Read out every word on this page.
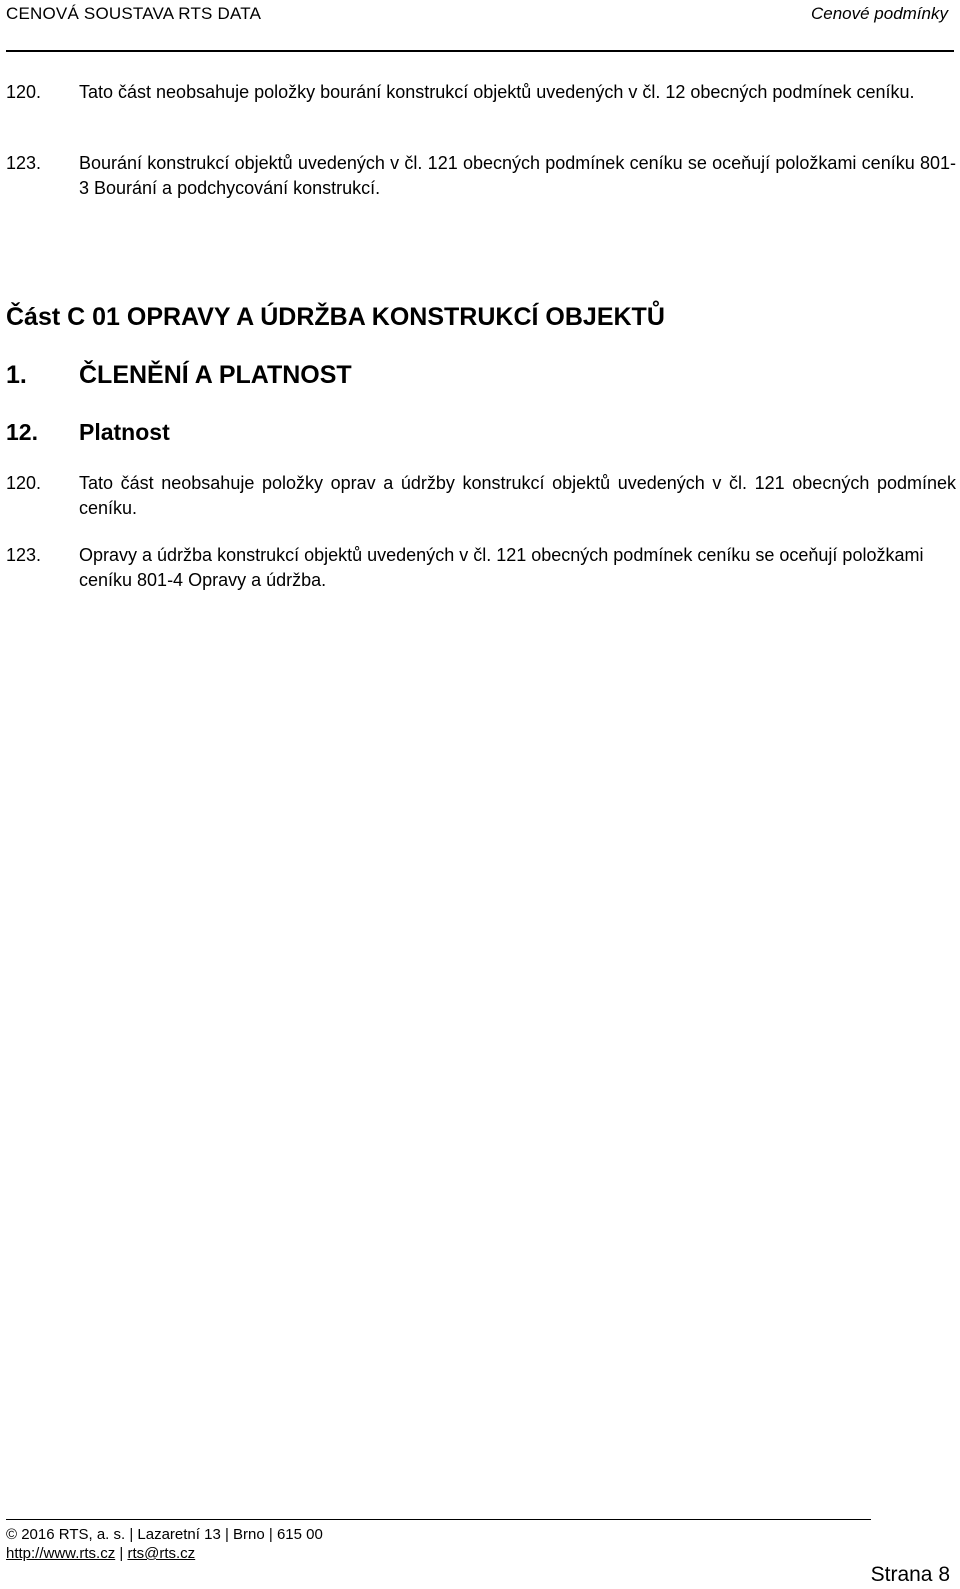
CENOVÁ SOUSTAVA RTS DATA	Cenové podmínky
120. Tato část neobsahuje položky bourání konstrukcí objektů uvedených v čl. 12 obecných podmínek ceníku.
123. Bourání konstrukcí objektů uvedených v čl. 121 obecných podmínek ceníku se oceňují položkami ceníku 801-3 Bourání a podchycování konstrukcí.
Část C 01 OPRAVY A ÚDRŽBA KONSTRUKCÍ OBJEKTŮ
1. ČLENĚNÍ A PLATNOST
12. Platnost
120. Tato část neobsahuje položky oprav a údržby konstrukcí objektů uvedených v čl. 121 obecných podmínek ceníku.
123. Opravy a údržba konstrukcí objektů uvedených v čl. 121 obecných podmínek ceníku se oceňují položkami ceníku 801-4 Opravy a údržba.
© 2016 RTS, a. s. | Lazaretní 13 | Brno | 615 00
http://www.rts.cz | rts@rts.cz
Strana 8
